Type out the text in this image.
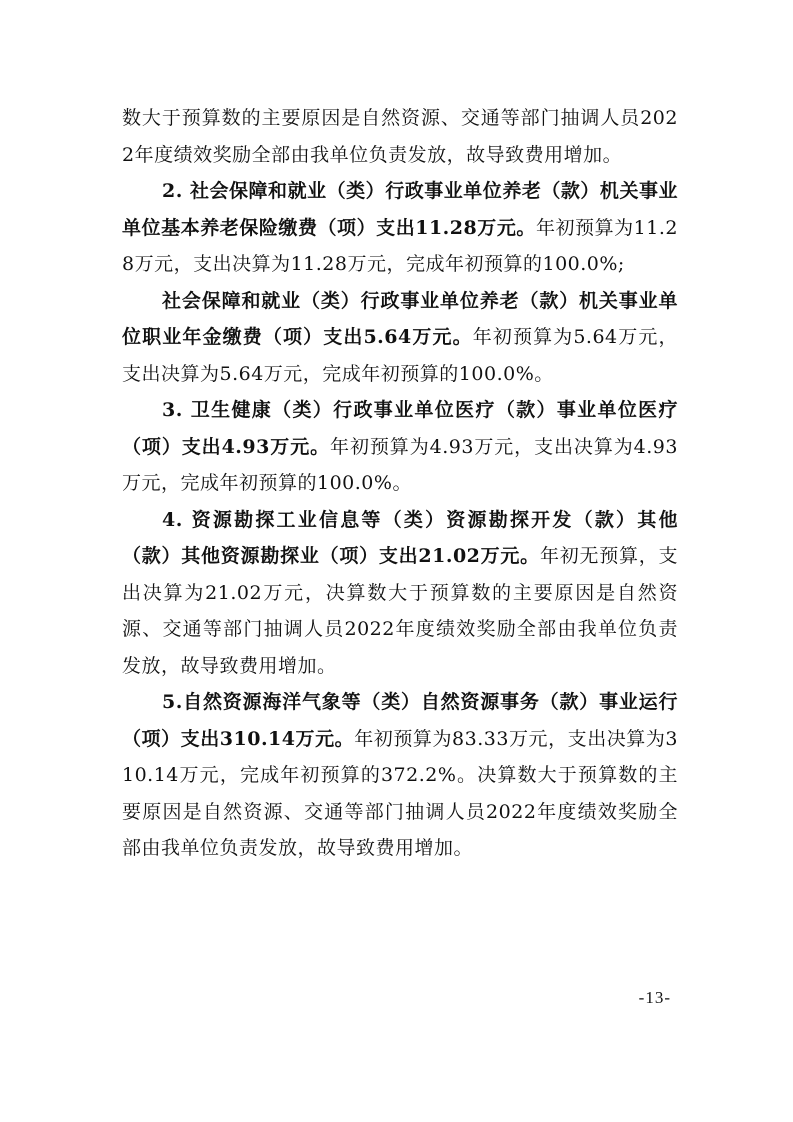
数大于预算数的主要原因是自然资源、交通等部门抽调人员2022年度绩效奖励全部由我单位负责发放，故导致费用增加。

2. 社会保障和就业（类）行政事业单位养老（款）机关事业单位基本养老保险缴费（项）支出11.28万元。年初预算为11.28万元，支出决算为11.28万元，完成年初预算的100.0%;

社会保障和就业（类）行政事业单位养老（款）机关事业单位职业年金缴费（项）支出5.64万元。年初预算为5.64万元，支出决算为5.64万元，完成年初预算的100.0%。

3. 卫生健康（类）行政事业单位医疗（款）事业单位医疗（项）支出4.93万元。年初预算为4.93万元，支出决算为4.93万元，完成年初预算的100.0%。

4. 资源勘探工业信息等（类）资源勘探开发（款）其他（款）其他资源勘探业（项）支出21.02万元。年初无预算，支出决算为21.02万元，决算数大于预算数的主要原因是自然资源、交通等部门抽调人员2022年度绩效奖励全部由我单位负责发放，故导致费用增加。

5.自然资源海洋气象等（类）自然资源事务（款）事业运行（项）支出310.14万元。年初预算为83.33万元，支出决算为310.14万元，完成年初预算的372.2%。决算数大于预算数的主要原因是自然资源、交通等部门抽调人员2022年度绩效奖励全部由我单位负责发放，故导致费用增加。

-13-
